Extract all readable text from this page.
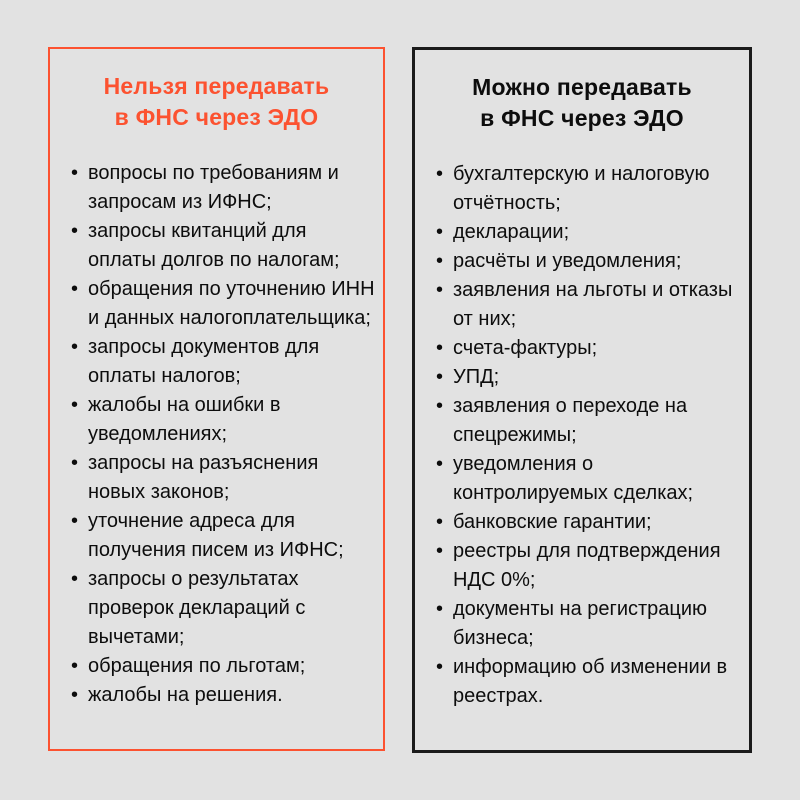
Нельзя передавать
в ФНС через ЭДО
• вопросы по требованиям и запросам из ИФНС;
• запросы квитанций для оплаты долгов по налогам;
• обращения по уточнению ИНН и данных налогоплательщика;
• запросы документов для оплаты налогов;
• жалобы на ошибки в уведомлениях;
• запросы на разъяснения новых законов;
• уточнение адреса для получения писем из ИФНС;
• запросы о результатах проверок деклараций с вычетами;
• обращения по льготам;
• жалобы на решения.
Можно передавать
в ФНС через ЭДО
• бухгалтерскую и налоговую отчётность;
• декларации;
• расчёты и уведомления;
• заявления на льготы и отказы от них;
• счета-фактуры;
• УПД;
• заявления о переходе на спецрежимы;
• уведомления о контролируемых сделках;
• банковские гарантии;
• реестры для подтверждения НДС 0%;
• документы на регистрацию бизнеса;
• информацию об изменении в реестрах.
